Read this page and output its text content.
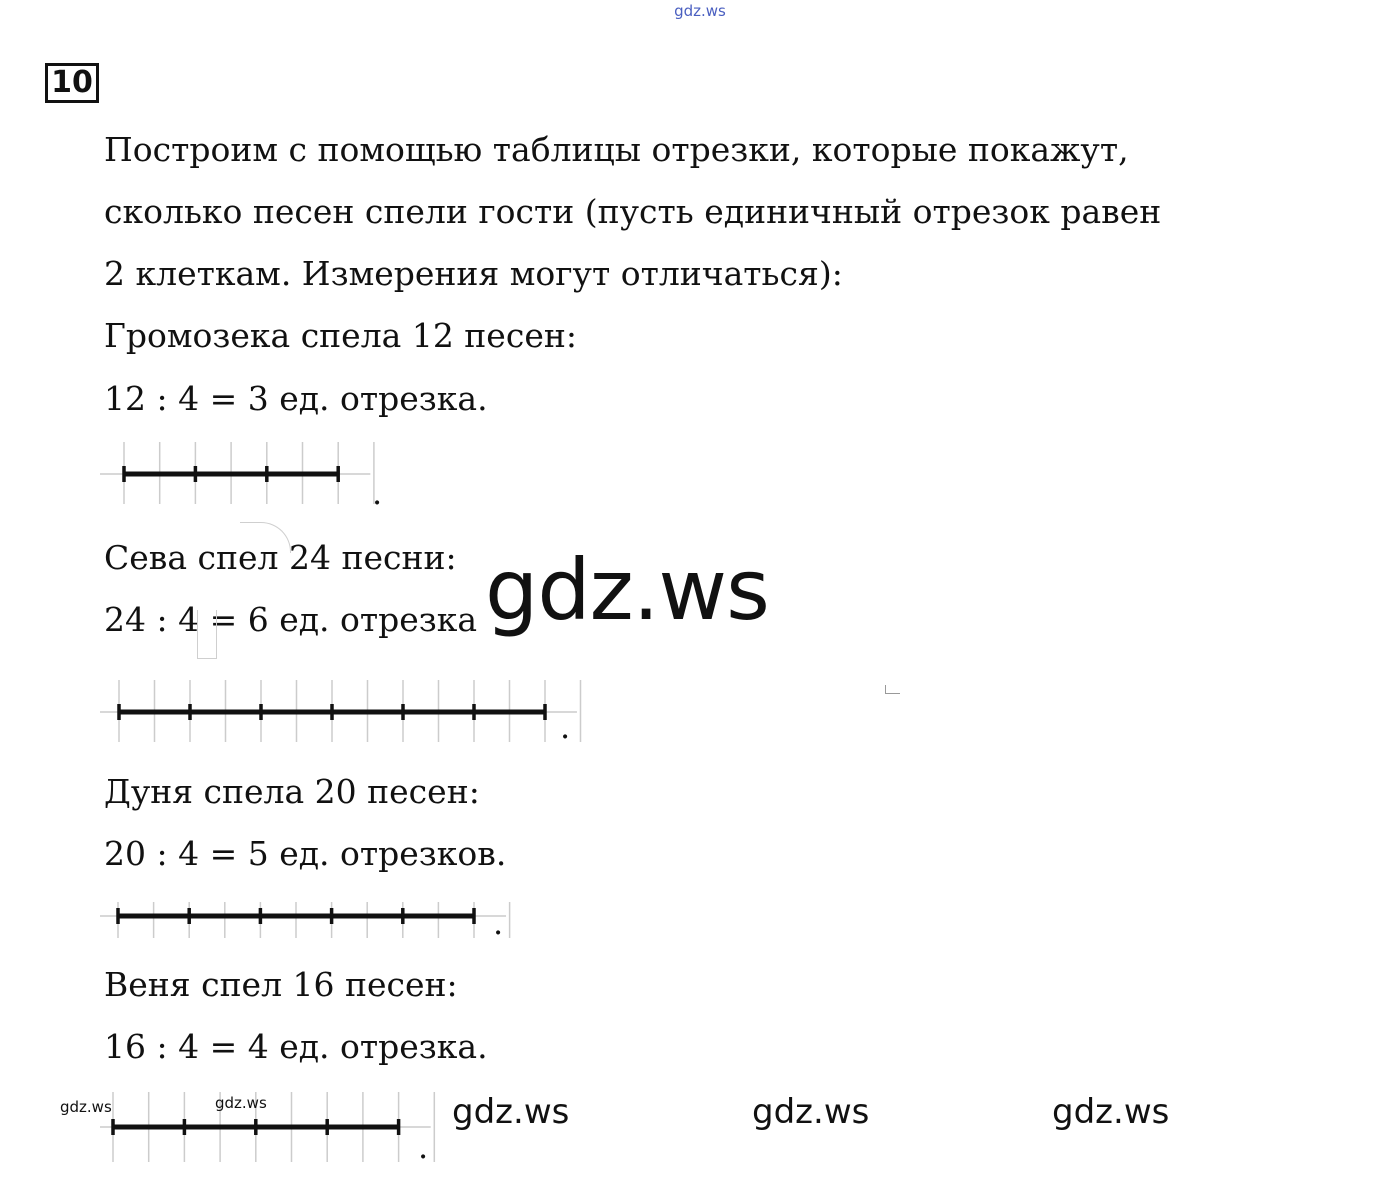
gdz.ws
10
Построим с помощью таблицы отрезки, которые покажут,
сколько песен спели гости (пусть единичный отрезок равен
2 клеткам. Измерения могут отличаться):
Громозека спела 12 песен:
12 : 4 = 3 ед. отрезка.
.
Сева спел 24 песни:
24 : 4 = 6 ед. отрезка
.
gdz.ws
Дуня спела 20 песен:
20 : 4 = 5 ед. отрезков.
.
Веня спел 16 песен:
16 : 4 = 4 ед. отрезка.
.
gdz.ws	gdz.ws	gdz.ws	gdz.ws	gdz.ws
